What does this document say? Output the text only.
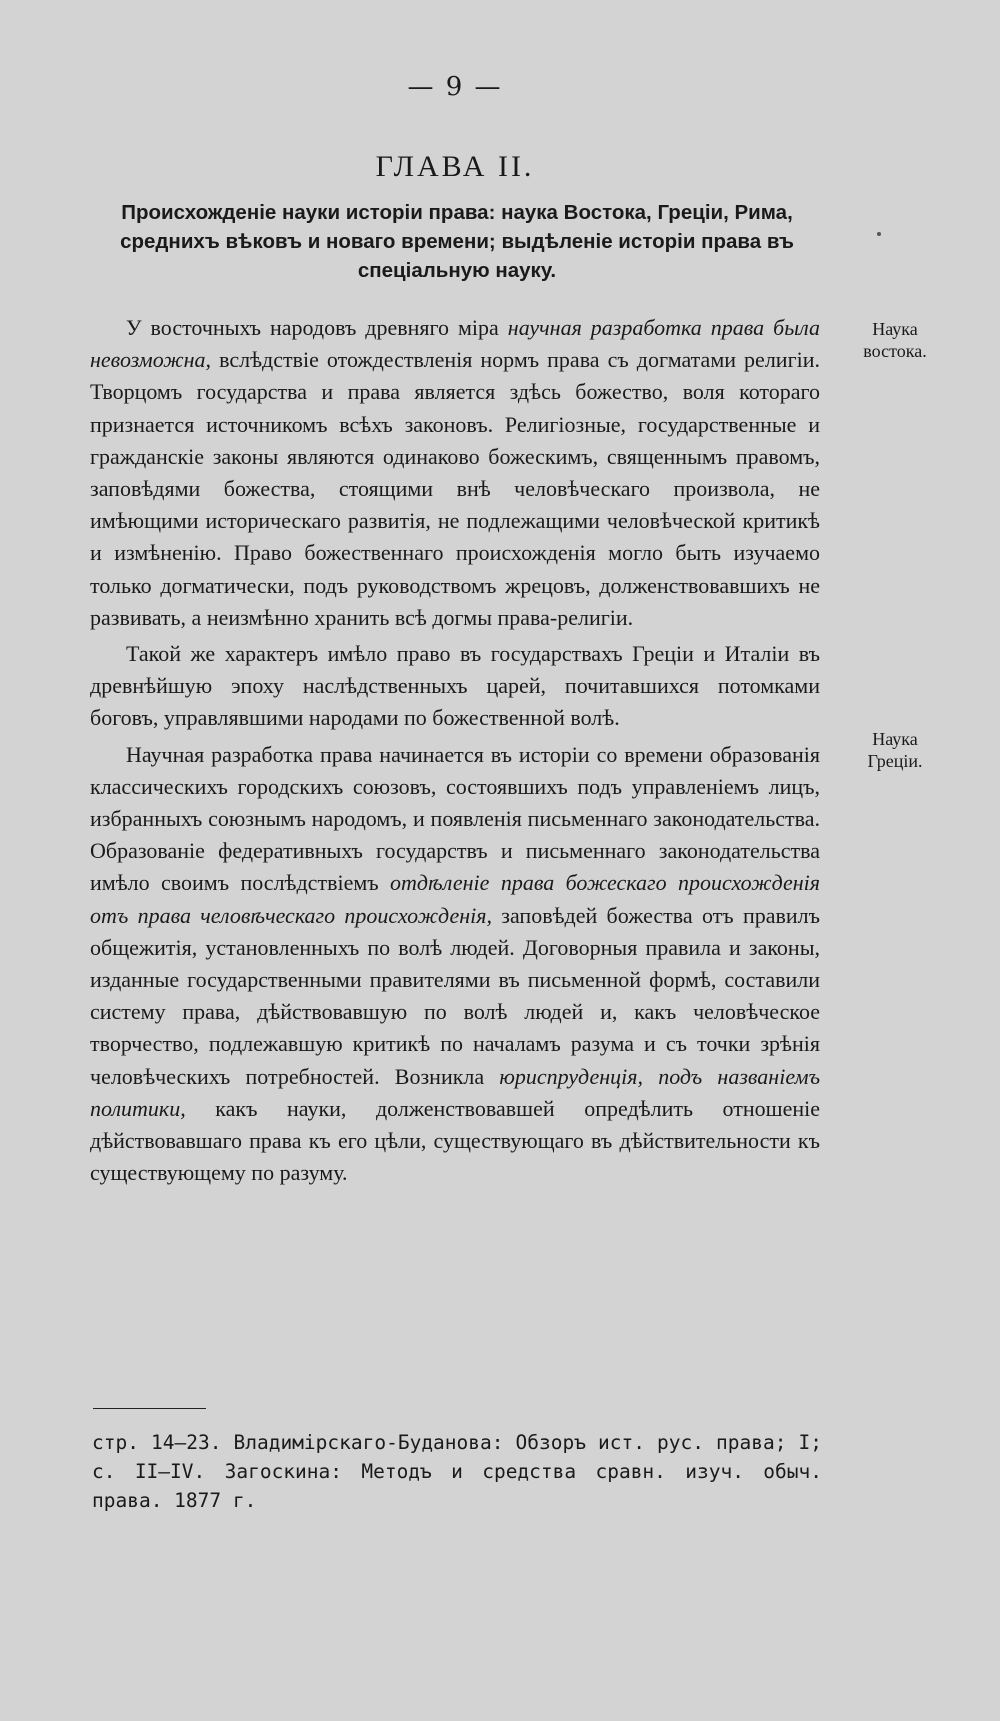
— 9 —
ГЛАВА II.
Происхожденіе науки исторіи права: наука Востока, Греціи, Рима, среднихъ вѣковъ и новаго времени; выдѣленіе исторіи права въ спеціальную науку.
Наука
востока.
Наука
Греціи.

У восточныхъ народовъ древняго міра научная разработка права была невозможна, вслѣдствіе отождествленія нормъ права съ догматами религіи. Творцомъ государства и права является здѣсь божество, воля котораго признается источникомъ всѣхъ законовъ. Религіозные, государственные и гражданскіе законы являются одинаково божескимъ, священнымъ правомъ, заповѣдями божества, стоящими внѣ человѣческаго произвола, не имѣющими историческаго развитія, не подлежащими человѣческой критикѣ и измѣненію. Право божественнаго происхожденія могло быть изучаемо только догматически, подъ руководствомъ жрецовъ, долженствовавшихъ не развивать, а неизмѣнно хранить всѣ догмы права-религіи.

Такой же характеръ имѣло право въ государствахъ Греціи и Италіи въ древнѣйшую эпоху наслѣдственныхъ царей, почитавшихся потомками боговъ, управлявшими народами по божественной волѣ.

Научная разработка права начинается въ исторіи со времени образованія классическихъ городскихъ союзовъ, состоявшихъ подъ управленіемъ лицъ, избранныхъ союзнымъ народомъ, и появленія письменнаго законодательства. Образованіе федеративныхъ государствъ и письменнаго законодательства имѣло своимъ послѣдствіемъ отдѣленіе права божескаго происхожденія отъ права человѣческаго происхожденія, заповѣдей божества отъ правилъ общежитія, установленныхъ по волѣ людей. Договорныя правила и законы, изданные государственными правителями въ письменной формѣ, составили систему права, дѣйствовавшую по волѣ людей и, какъ человѣческое творчество, подлежавшую критикѣ по началамъ разума и съ точки зрѣнія человѣческихъ потребностей. Возникла юриспруденція, подъ названіемъ политики, какъ науки, долженствовавшей опредѣлить отношеніе дѣйствовавшаго права къ его цѣли, существующаго въ дѣйствительности къ существующему по разуму.

стр. 14—23. Владимірскаго-Буданова: Обзоръ ист. рус. права; I; с. II—IV. Загоскина: Методъ и средства сравн. изуч. обыч. права. 1877 г.
